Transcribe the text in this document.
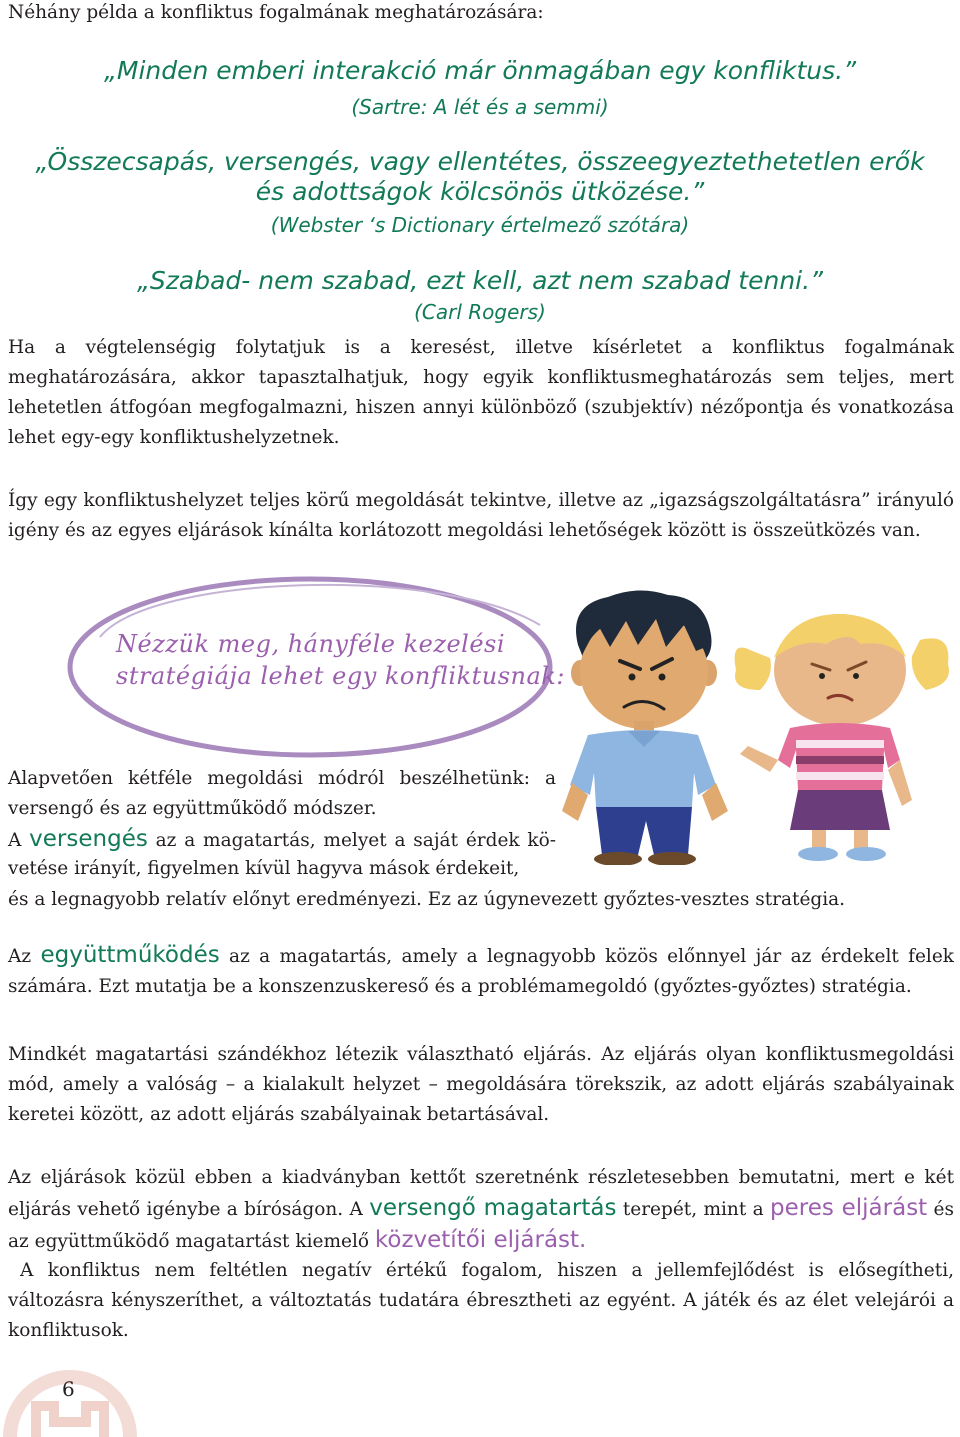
Néhány példa a konfliktus fogalmának meghatározására:
„Minden emberi interakció már önmagában egy konfliktus.”
(Sartre: A lét és a semmi)
„Összecsapás, versengés, vagy ellentétes, összeegyeztethetetlen erők
és adottságok kölcsönös ütközése.”
(Webster ‘s Dictionary értelmező szótára)
„Szabad- nem szabad, ezt kell, azt nem szabad tenni.”
(Carl Rogers)
Ha a végtelenségig folytatjuk is a keresést, illetve kísérletet a konfliktus fogalmának meghatározására, akkor tapasztalhatjuk, hogy egyik konfliktusmeghatározás sem teljes, mert lehetetlen átfogóan megfogalmazni, hiszen annyi különböző (szubjektív) nézőpontja és vonatkozása lehet egy-egy konfliktushelyzetnek.
Így egy konfliktushelyzet teljes körű megoldását tekintve, illetve az „igazságszolgáltatásra” irányuló igény és az egyes eljárások kínálta korlátozott megoldási lehetőségek között is összeütközés van.
Nézzük meg, hányféle kezelési
stratégiája lehet egy konfliktusnak:
Alapvetően kétféle megoldási módról beszélhetünk: a
versengő és az együttműködő módszer.
A versengés az a magatartás, melyet a saját érdek kö-
vetése irányít, figyelmen kívül hagyva mások érdekeit,
és a legnagyobb relatív előnyt eredményezi. Ez az úgynevezett győztes-vesztes stratégia.
Az együttműködés az a magatartás, amely a legnagyobb közös előnnyel jár az érdekelt felek számára. Ezt mutatja be a konszenzuskereső és a problémamegoldó (győztes-győztes) stratégia.
Mindkét magatartási szándékhoz létezik választható eljárás. Az eljárás olyan konfliktusmegoldási mód, amely a valóság – a kialakult helyzet – megoldására törekszik, az adott eljárás szabályainak keretei között, az adott eljárás szabályainak betartásával.
Az eljárások közül ebben a kiadványban kettőt szeretnénk részletesebben bemutatni, mert e két eljárás vehető igénybe a bíróságon. A versengő magatartás terepét, mint a peres eljárást és az együttműködő magatartást kiemelő közvetítői eljárást.
A konfliktus nem feltétlen negatív értékű fogalom, hiszen a jellemfejlődést is elősegítheti, változásra kényszeríthet, a változtatás tudatára ébresztheti az egyént. A játék és az élet velejárói a konfliktusok.
6
